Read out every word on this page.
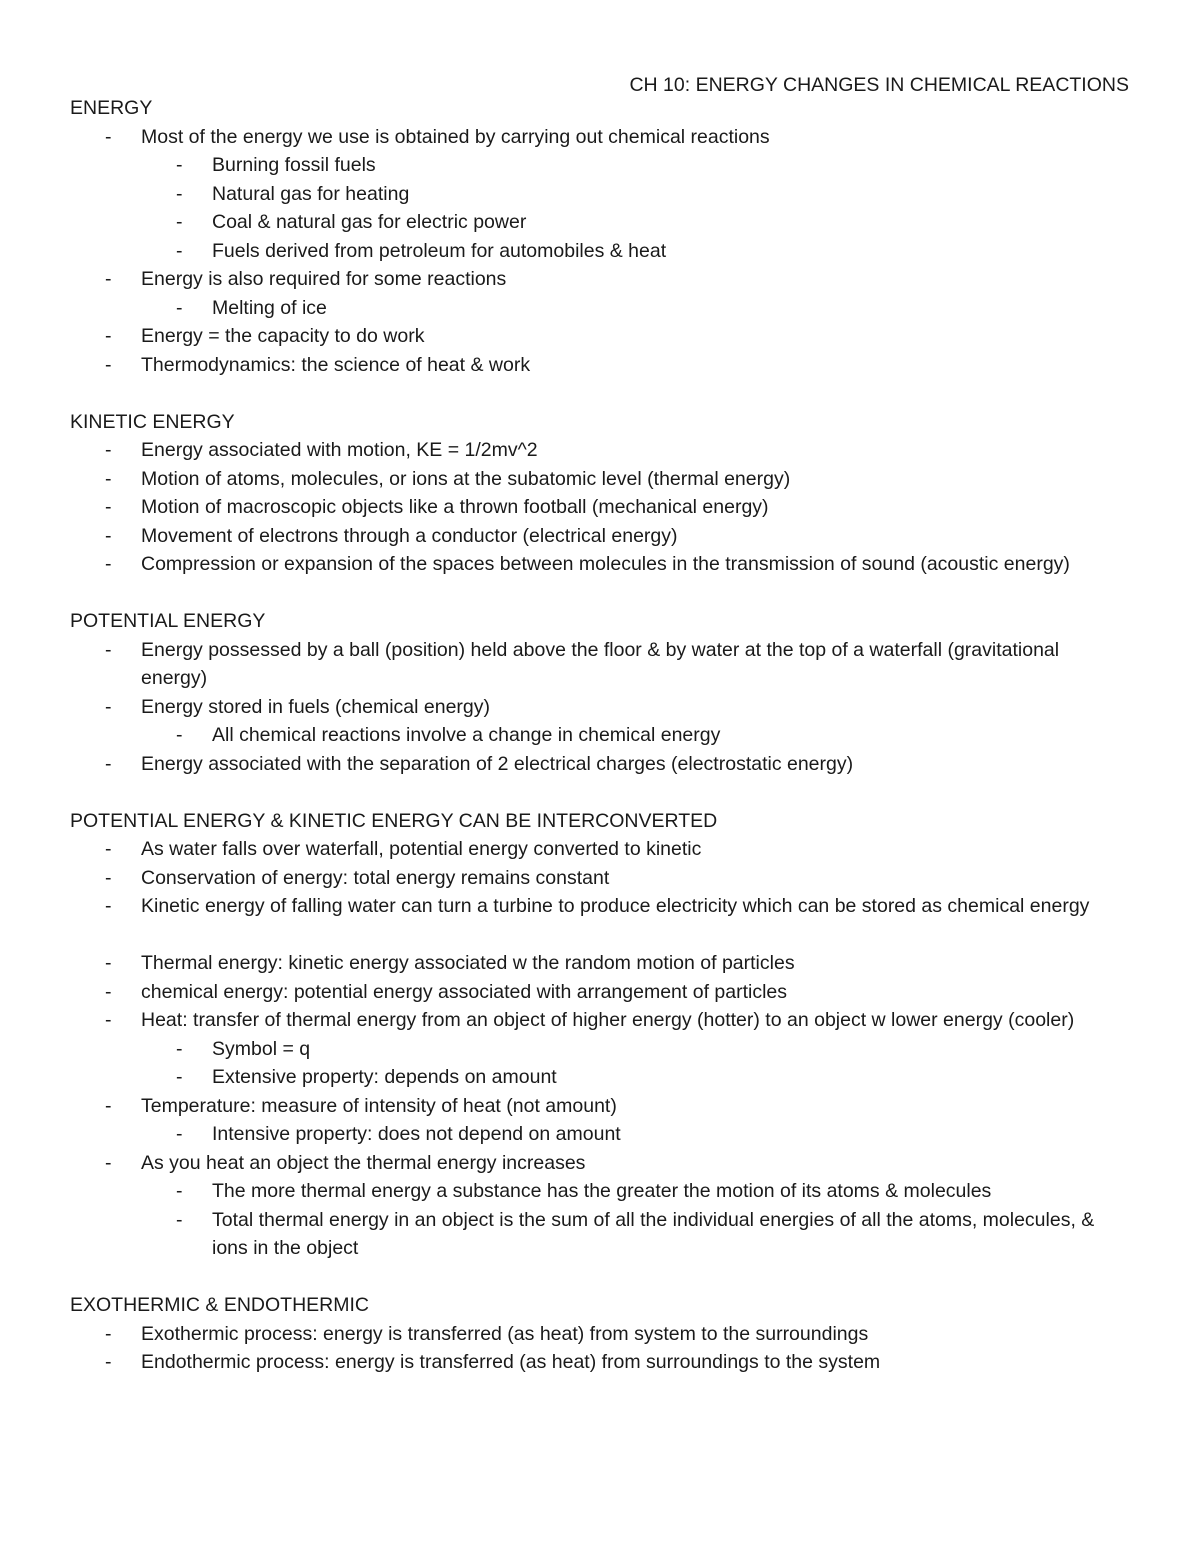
CH 10: ENERGY CHANGES IN CHEMICAL REACTIONS
ENERGY
- Most of the energy we use is obtained by carrying out chemical reactions
- Burning fossil fuels
- Natural gas for heating
- Coal & natural gas for electric power
- Fuels derived from petroleum for automobiles & heat
- Energy is also required for some reactions
- Melting of ice
- Energy = the capacity to do work
- Thermodynamics: the science of heat & work
KINETIC ENERGY
- Energy associated with motion, KE = 1/2mv^2
- Motion of atoms, molecules, or ions at the subatomic level (thermal energy)
- Motion of macroscopic objects like a thrown football (mechanical energy)
- Movement of electrons through a conductor (electrical energy)
- Compression or expansion of the spaces between molecules in the transmission of sound (acoustic energy)
POTENTIAL ENERGY
- Energy possessed by a ball (position) held above the floor & by water at the top of a waterfall (gravitational energy)
- Energy stored in fuels (chemical energy)
- All chemical reactions involve a change in chemical energy
- Energy associated with the separation of 2 electrical charges (electrostatic energy)
POTENTIAL ENERGY & KINETIC ENERGY CAN BE INTERCONVERTED
- As water falls over waterfall, potential energy converted to kinetic
- Conservation of energy: total energy remains constant
- Kinetic energy of falling water can turn a turbine to produce electricity which can be stored as chemical energy
- Thermal energy: kinetic energy associated w the random motion of particles
- chemical energy: potential energy associated with arrangement of particles
- Heat: transfer of thermal energy from an object of higher energy (hotter) to an object w lower energy (cooler)
- Symbol = q
- Extensive property: depends on amount
- Temperature: measure of intensity of heat (not amount)
- Intensive property: does not depend on amount
- As you heat an object the thermal energy increases
- The more thermal energy a substance has the greater the motion of its atoms & molecules
- Total thermal energy in an object is the sum of all the individual energies of all the atoms, molecules, & ions in the object
EXOTHERMIC & ENDOTHERMIC
- Exothermic process: energy is transferred (as heat) from system to the surroundings
- Endothermic process: energy is transferred (as heat) from surroundings to the system
